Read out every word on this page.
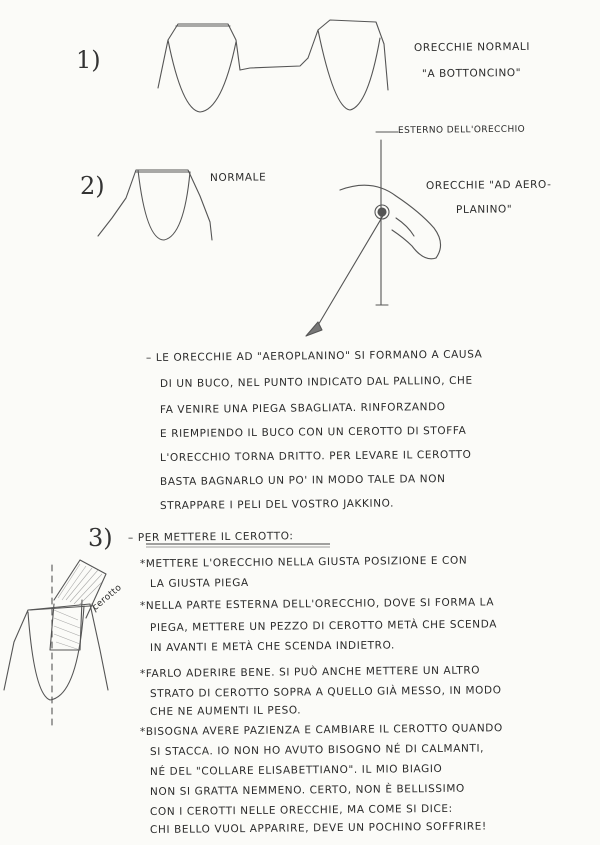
1)	ORECCHIE NORMALI
"A BOTTONCINO"
ESTERNO DELL'ORECCHIO
2)	NORMALE
ORECCHIE "AD AERO-
PLANINO"
– LE ORECCHIE AD "AEROPLANINO" SI FORMANO A CAUSA
DI UN BUCO, NEL PUNTO INDICATO DAL PALLINO, CHE
FA VENIRE UNA PIEGA SBAGLIATA. RINFORZANDO
E RIEMPIENDO IL BUCO CON UN CEROTTO DI STOFFA
L'ORECCHIO TORNA DRITTO. PER LEVARE IL CEROTTO
BASTA BAGNARLO UN PO' IN MODO TALE DA NON
STRAPPARE I PELI DEL VOSTRO JAKKINO.
3) – PER METTERE IL CEROTTO:
cerotto
*METTERE L'ORECCHIO NELLA GIUSTA POSIZIONE E CON
LA GIUSTA PIEGA
*NELLA PARTE ESTERNA DELL'ORECCHIO, DOVE SI FORMA LA
PIEGA, METTERE UN PEZZO DI CEROTTO METÀ CHE SCENDA
IN AVANTI E METÀ CHE SCENDA INDIETRO.
*FARLO ADERIRE BENE. SI PUÒ ANCHE METTERE UN ALTRO
STRATO DI CEROTTO SOPRA A QUELLO GIÀ MESSO, IN MODO
CHE NE AUMENTI IL PESO.
*BISOGNA AVERE PAZIENZA E CAMBIARE IL CEROTTO QUANDO
SI STACCA. IO NON HO AVUTO BISOGNO NÉ DI CALMANTI,
NÉ DEL "COLLARE ELISABETTIANO". IL MIO BIAGIO
NON SI GRATTA NEMMENO. CERTO, NON È BELLISSIMO
CON I CEROTTI NELLE ORECCHIE, MA COME SI DICE:
CHI BELLO VUOL APPARIRE, DEVE UN POCHINO SOFFRIRE!
